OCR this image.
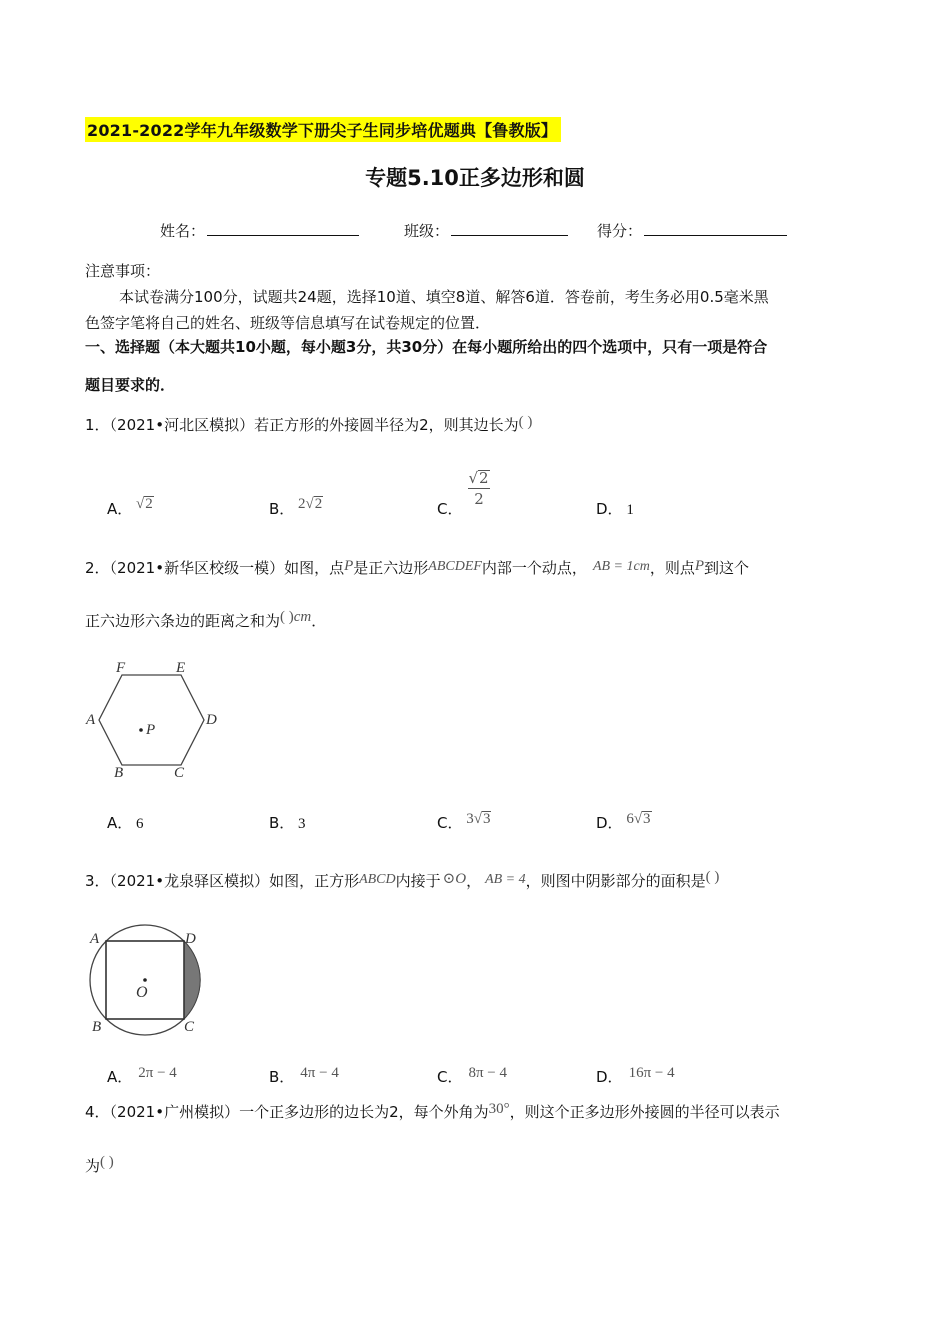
2021-2022学年九年级数学下册尖子生同步培优题典【鲁教版】
专题5.10正多边形和圆
姓名：	班级：	得分：
注意事项：
本试卷满分100分，试题共24题，选择10道、填空8道、解答6道．答卷前，考生务必用0.5毫米黑
色签字笔将自己的姓名、班级等信息填写在试卷规定的位置．
一、选择题（本大题共10小题，每小题3分，共30分）在每小题所给出的四个选项中，只有一项是符合
题目要求的．
1．（2021•河北区模拟）若正方形的外接圆半径为2，则其边长为( )
A． √2	B． 2√2	C．
√2
2
D． 1
2．（2021•新华区校级一模）如图，点P是正六边形ABCDEF内部一个动点， AB = 1cm，则点P到这个
正六边形六条边的距离之和为( )cm．
F	E
A	D
B	C
P
A． 6	B． 3	C． 3√3	D． 6√3
3．（2021•龙泉驿区模拟）如图，正方形ABCD内接于 ⊙O， AB = 4，则图中阴影部分的面积是( )
A	D
O
B	C
A． 2π − 4	B． 4π − 4	C． 8π − 4	D． 16π − 4
4．（2021•广州模拟）一个正多边形的边长为2，每个外角为30°，则这个正多边形外接圆的半径可以表示
为( )
